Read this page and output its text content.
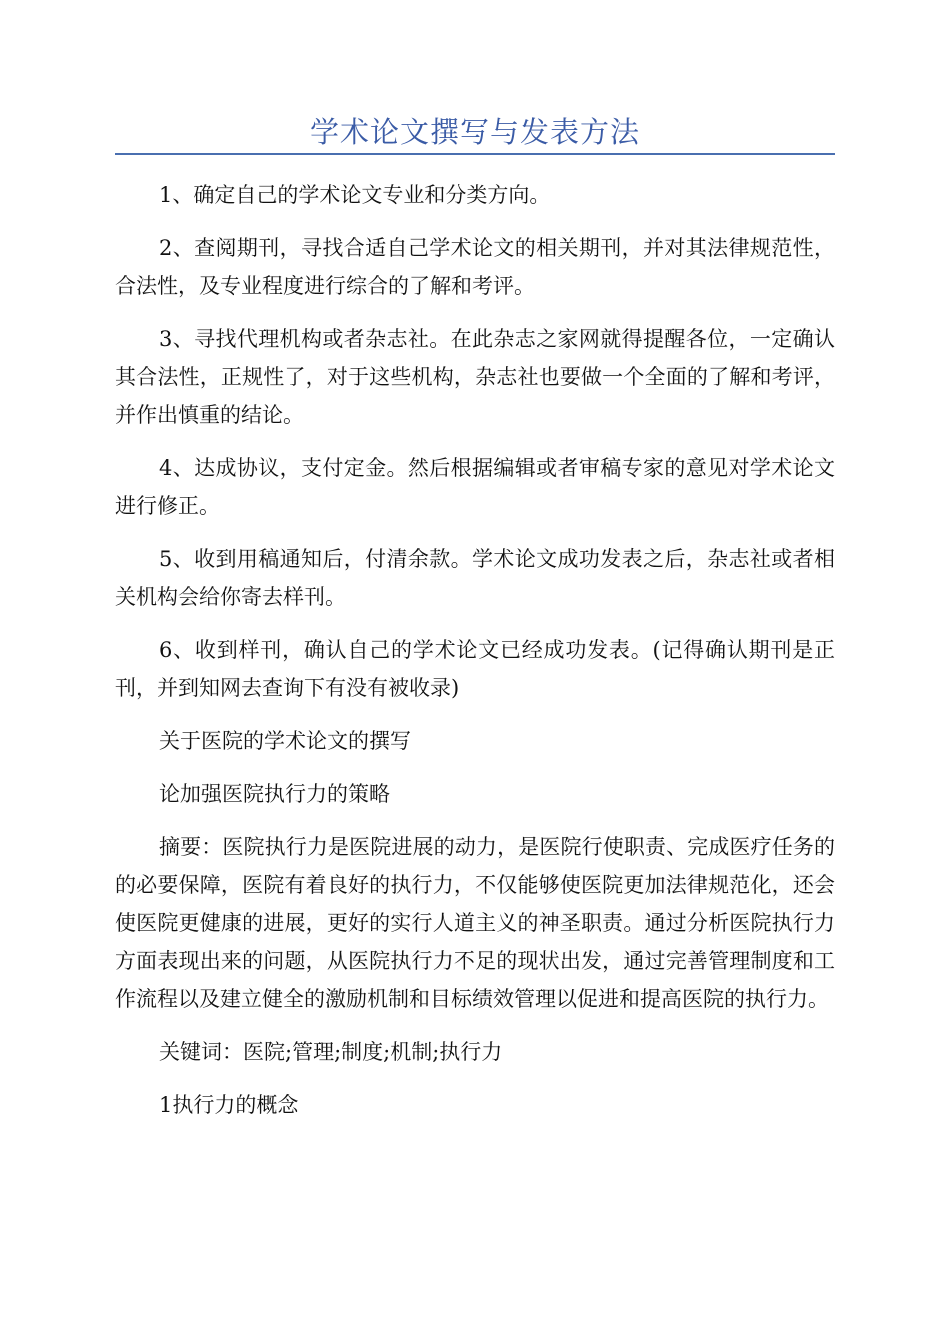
学术论文撰写与发表方法

1、确定自己的学术论文专业和分类方向。

2、查阅期刊，寻找合适自己学术论文的相关期刊，并对其法律规范性，合法性，及专业程度进行综合的了解和考评。

3、寻找代理机构或者杂志社。在此杂志之家网就得提醒各位，一定确认其合法性，正规性了，对于这些机构，杂志社也要做一个全面的了解和考评，并作出慎重的结论。

4、达成协议，支付定金。然后根据编辑或者审稿专家的意见对学术论文进行修正。

5、收到用稿通知后，付清余款。学术论文成功发表之后，杂志社或者相关机构会给你寄去样刊。

6、收到样刊，确认自己的学术论文已经成功发表。(记得确认期刊是正刊，并到知网去查询下有没有被收录)

关于医院的学术论文的撰写

论加强医院执行力的策略

摘要：医院执行力是医院进展的动力，是医院行使职责、完成医疗任务的的必要保障，医院有着良好的执行力，不仅能够使医院更加法律规范化，还会使医院更健康的进展，更好的实行人道主义的神圣职责。通过分析医院执行力方面表现出来的问题，从医院执行力不足的现状出发，通过完善管理制度和工作流程以及建立健全的激励机制和目标绩效管理以促进和提高医院的执行力。

关键词：医院;管理;制度;机制;执行力

1执行力的概念
